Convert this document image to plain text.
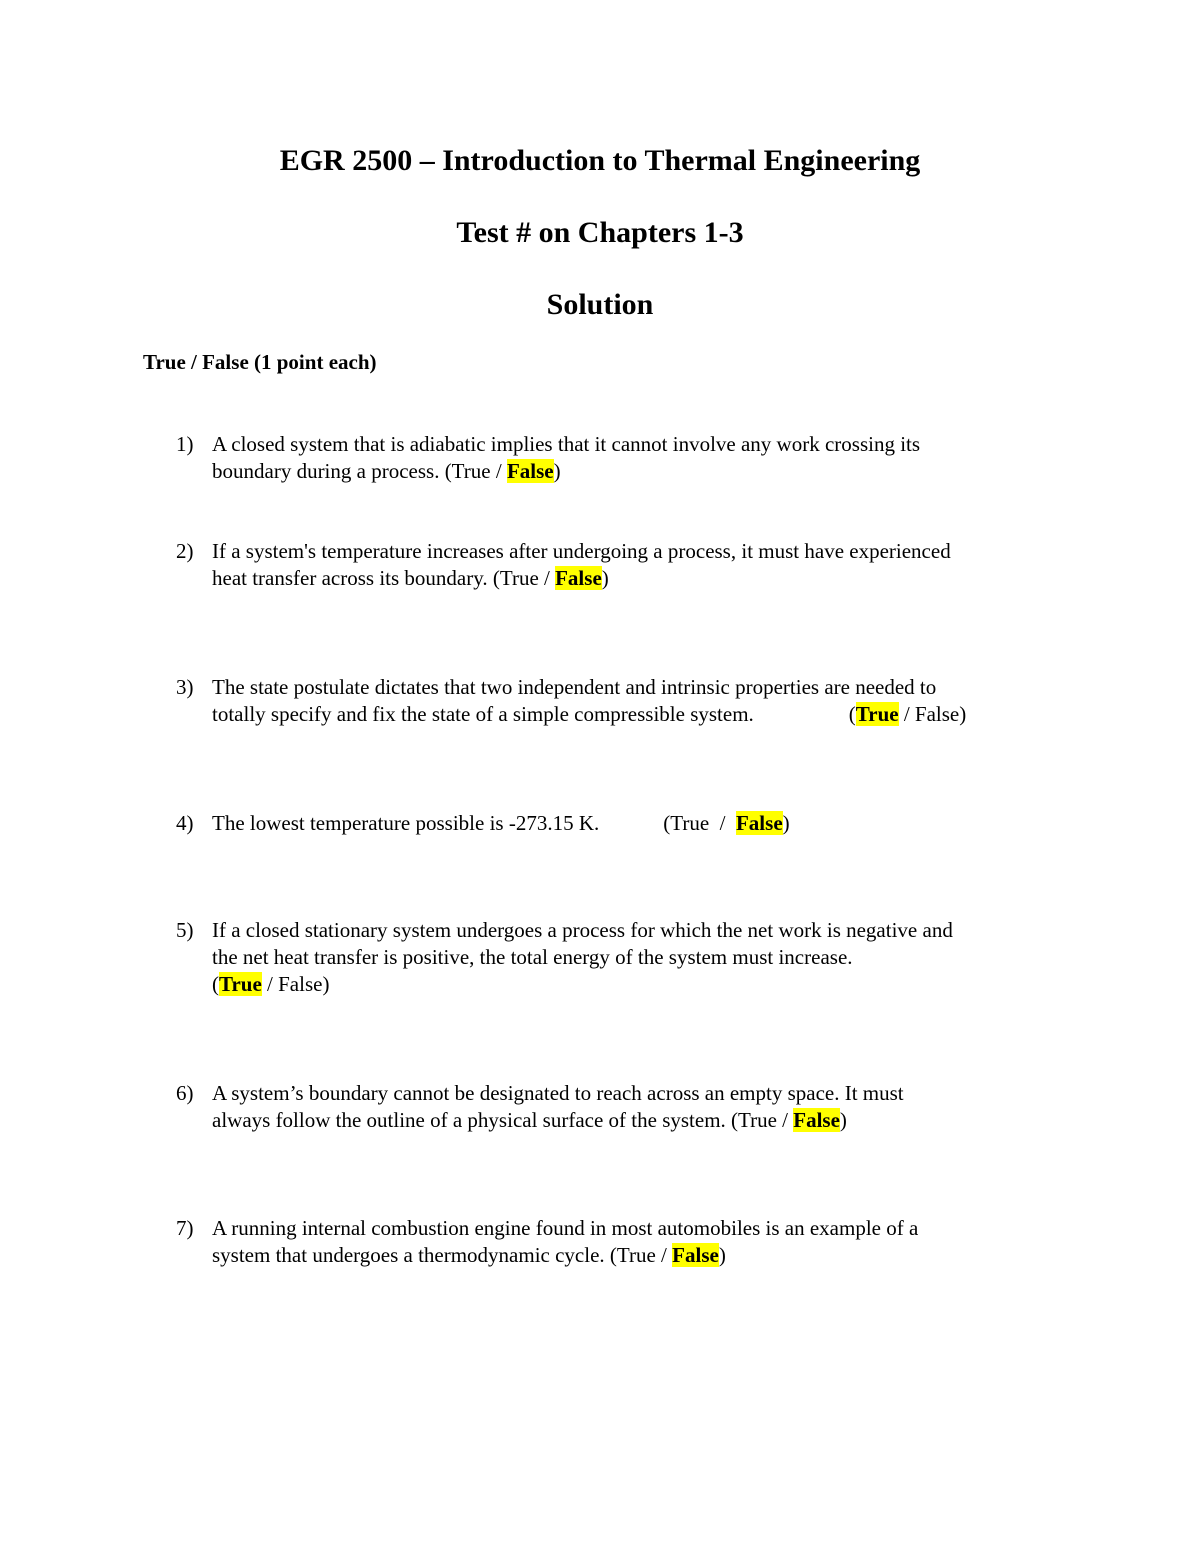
EGR 2500 – Introduction to Thermal Engineering
Test # on Chapters 1-3
Solution
True / False (1 point each)
1) A closed system that is adiabatic implies that it cannot involve any work crossing its
boundary during a process. (True / False)
2) If a system's temperature increases after undergoing a process, it must have experienced
heat transfer across its boundary. (True / False)
3) The state postulate dictates that two independent and intrinsic properties are needed to
totally specify and fix the state of a simple compressible system.	(True / False)
4) The lowest temperature possible is -273.15 K.	(True  /  False)
5) If a closed stationary system undergoes a process for which the net work is negative and
the net heat transfer is positive, the total energy of the system must increase.
(True / False)
6) A system’s boundary cannot be designated to reach across an empty space. It must
always follow the outline of a physical surface of the system. (True / False)
7) A running internal combustion engine found in most automobiles is an example of a
system that undergoes a thermodynamic cycle. (True / False)
